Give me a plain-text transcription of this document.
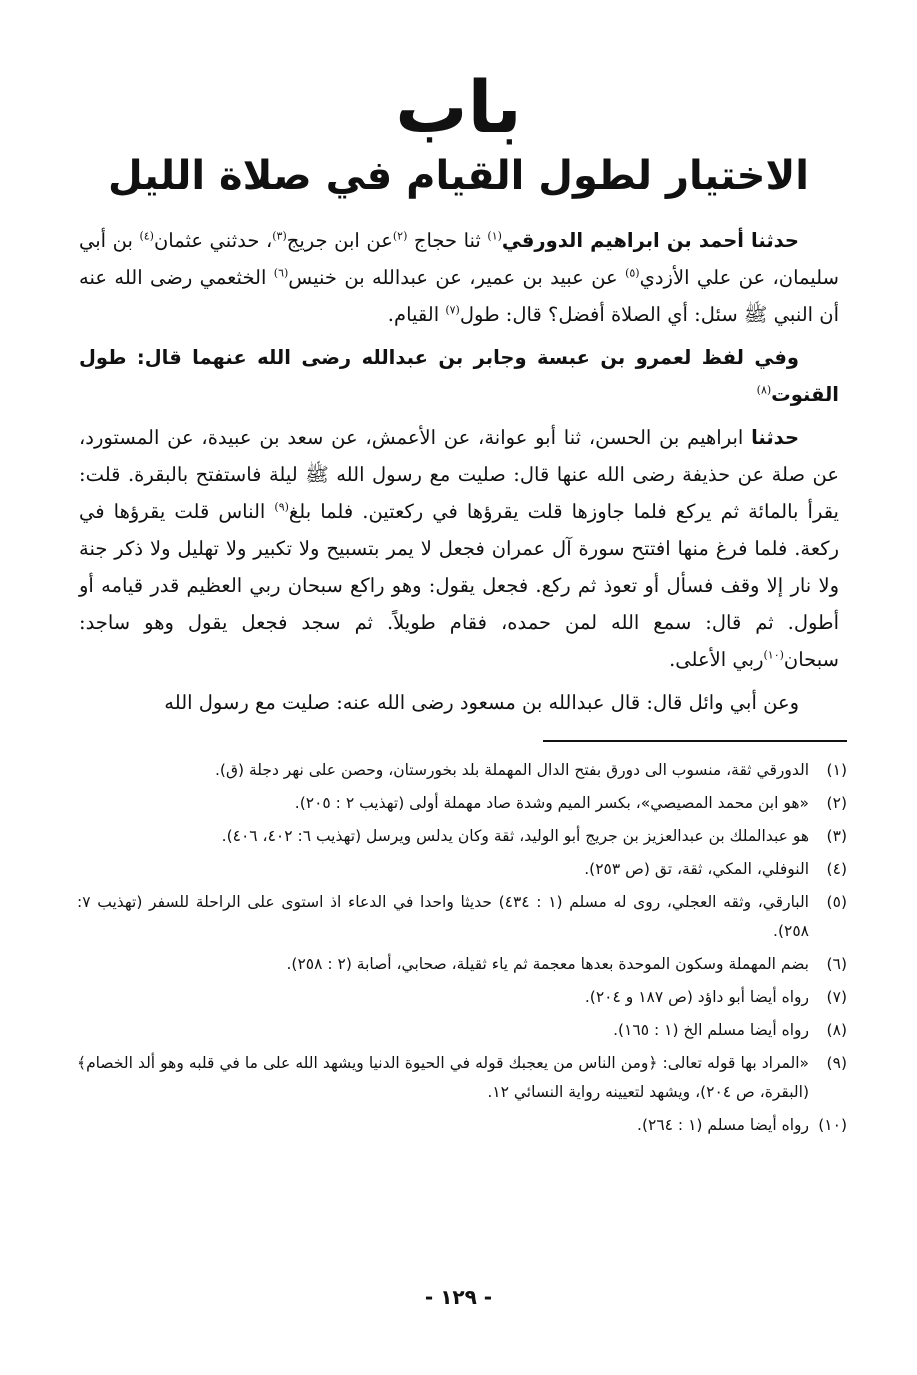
باب
الاختيار لطول القيام في صلاة الليل

حدثنا أحمد بن ابراهيم الدورقي$^{(١)}$ ثنا حجاج $^{(٢)}$عن ابن جريج$^{(٣)}$، حدثني عثمان$^{(٤)}$ بن أبي سليمان، عن علي الأزدي$^{(٥)}$ عن عبيد بن عمير، عن عبدالله بن خنيس$^{(٦)}$ الخثعمي رضى الله عنه أن النبي ﷺ سئل: أي الصلاة أفضل؟ قال: طول$^{(٧)}$ القيام.

وفي لفظ لعمرو بن عبسة وجابر بن عبدالله رضى الله عنهما قال: طول القنوت$^{(٨)}$

حدثنا ابراهيم بن الحسن، ثنا أبو عوانة، عن الأعمش، عن سعد بن عبيدة، عن المستورد، عن صلة عن حذيفة رضى الله عنها قال: صليت مع رسول الله ﷺ ليلة فاستفتح بالبقرة. قلت: يقرأ بالمائة ثم يركع فلما جاوزها قلت يقرؤها في ركعتين. فلما بلغ$^{(٩)}$ الناس قلت يقرؤها في ركعة. فلما فرغ منها افتتح سورة آل عمران فجعل لا يمر بتسبيح ولا تكبير ولا تهليل ولا ذكر جنة ولا نار إلا وقف فسأل أو تعوذ ثم ركع. فجعل يقول: وهو راكع سبحان ربي العظيم قدر قيامه أو أطول. ثم قال: سمع الله لمن حمده، فقام طويلاً. ثم سجد فجعل يقول وهو ساجد: سبحان$^{(١٠)}$ربي الأعلى.

وعن أبي وائل قال: قال عبدالله بن مسعود رضى الله عنه: صليت مع رسول الله

(١)
الدورقي ثقة، منسوب الى دورق بفتح الدال المهملة بلد بخورستان، وحصن على نهر دجلة (ق).
(٢)
«هو ابن محمد المصيصي»، بكسر الميم وشدة صاد مهملة أولى (تهذيب ٢ : ٢٠٥).
(٣)
هو عبدالملك بن عبدالعزيز بن جريج أبو الوليد، ثقة وكان يدلس ويرسل (تهذيب ٦: ٤٠٢، ٤٠٦).
(٤)
النوفلي، المكي، ثقة، تق (ص ٢٥٣).
(٥)
البارقي، وثقه العجلي، روى له مسلم (١ : ٤٣٤) حديثا واحدا في الدعاء اذ استوى على الراحلة للسفر (تهذيب ٧: ٢٥٨).
(٦)
بضم المهملة وسكون الموحدة بعدها معجمة ثم ياء ثقيلة، صحابي، أصابة (٢ : ٢٥٨).
(٧)
رواه أيضا أبو داؤد (ص ١٨٧ و ٢٠٤).
(٨)
رواه أيضا مسلم الخ (١ : ١٦٥).
(٩)
«المراد بها قوله تعالى: ﴿ومن الناس من يعجبك قوله في الحيوة الدنيا ويشهد الله على ما في قلبه وهو ألد الخصام﴾ (البقرة، ص ٢٠٤)، ويشهد لتعيينه رواية النسائي ١٢.
(١٠)
رواه أيضا مسلم (١ : ٢٦٤).
- ١٢٩ -
